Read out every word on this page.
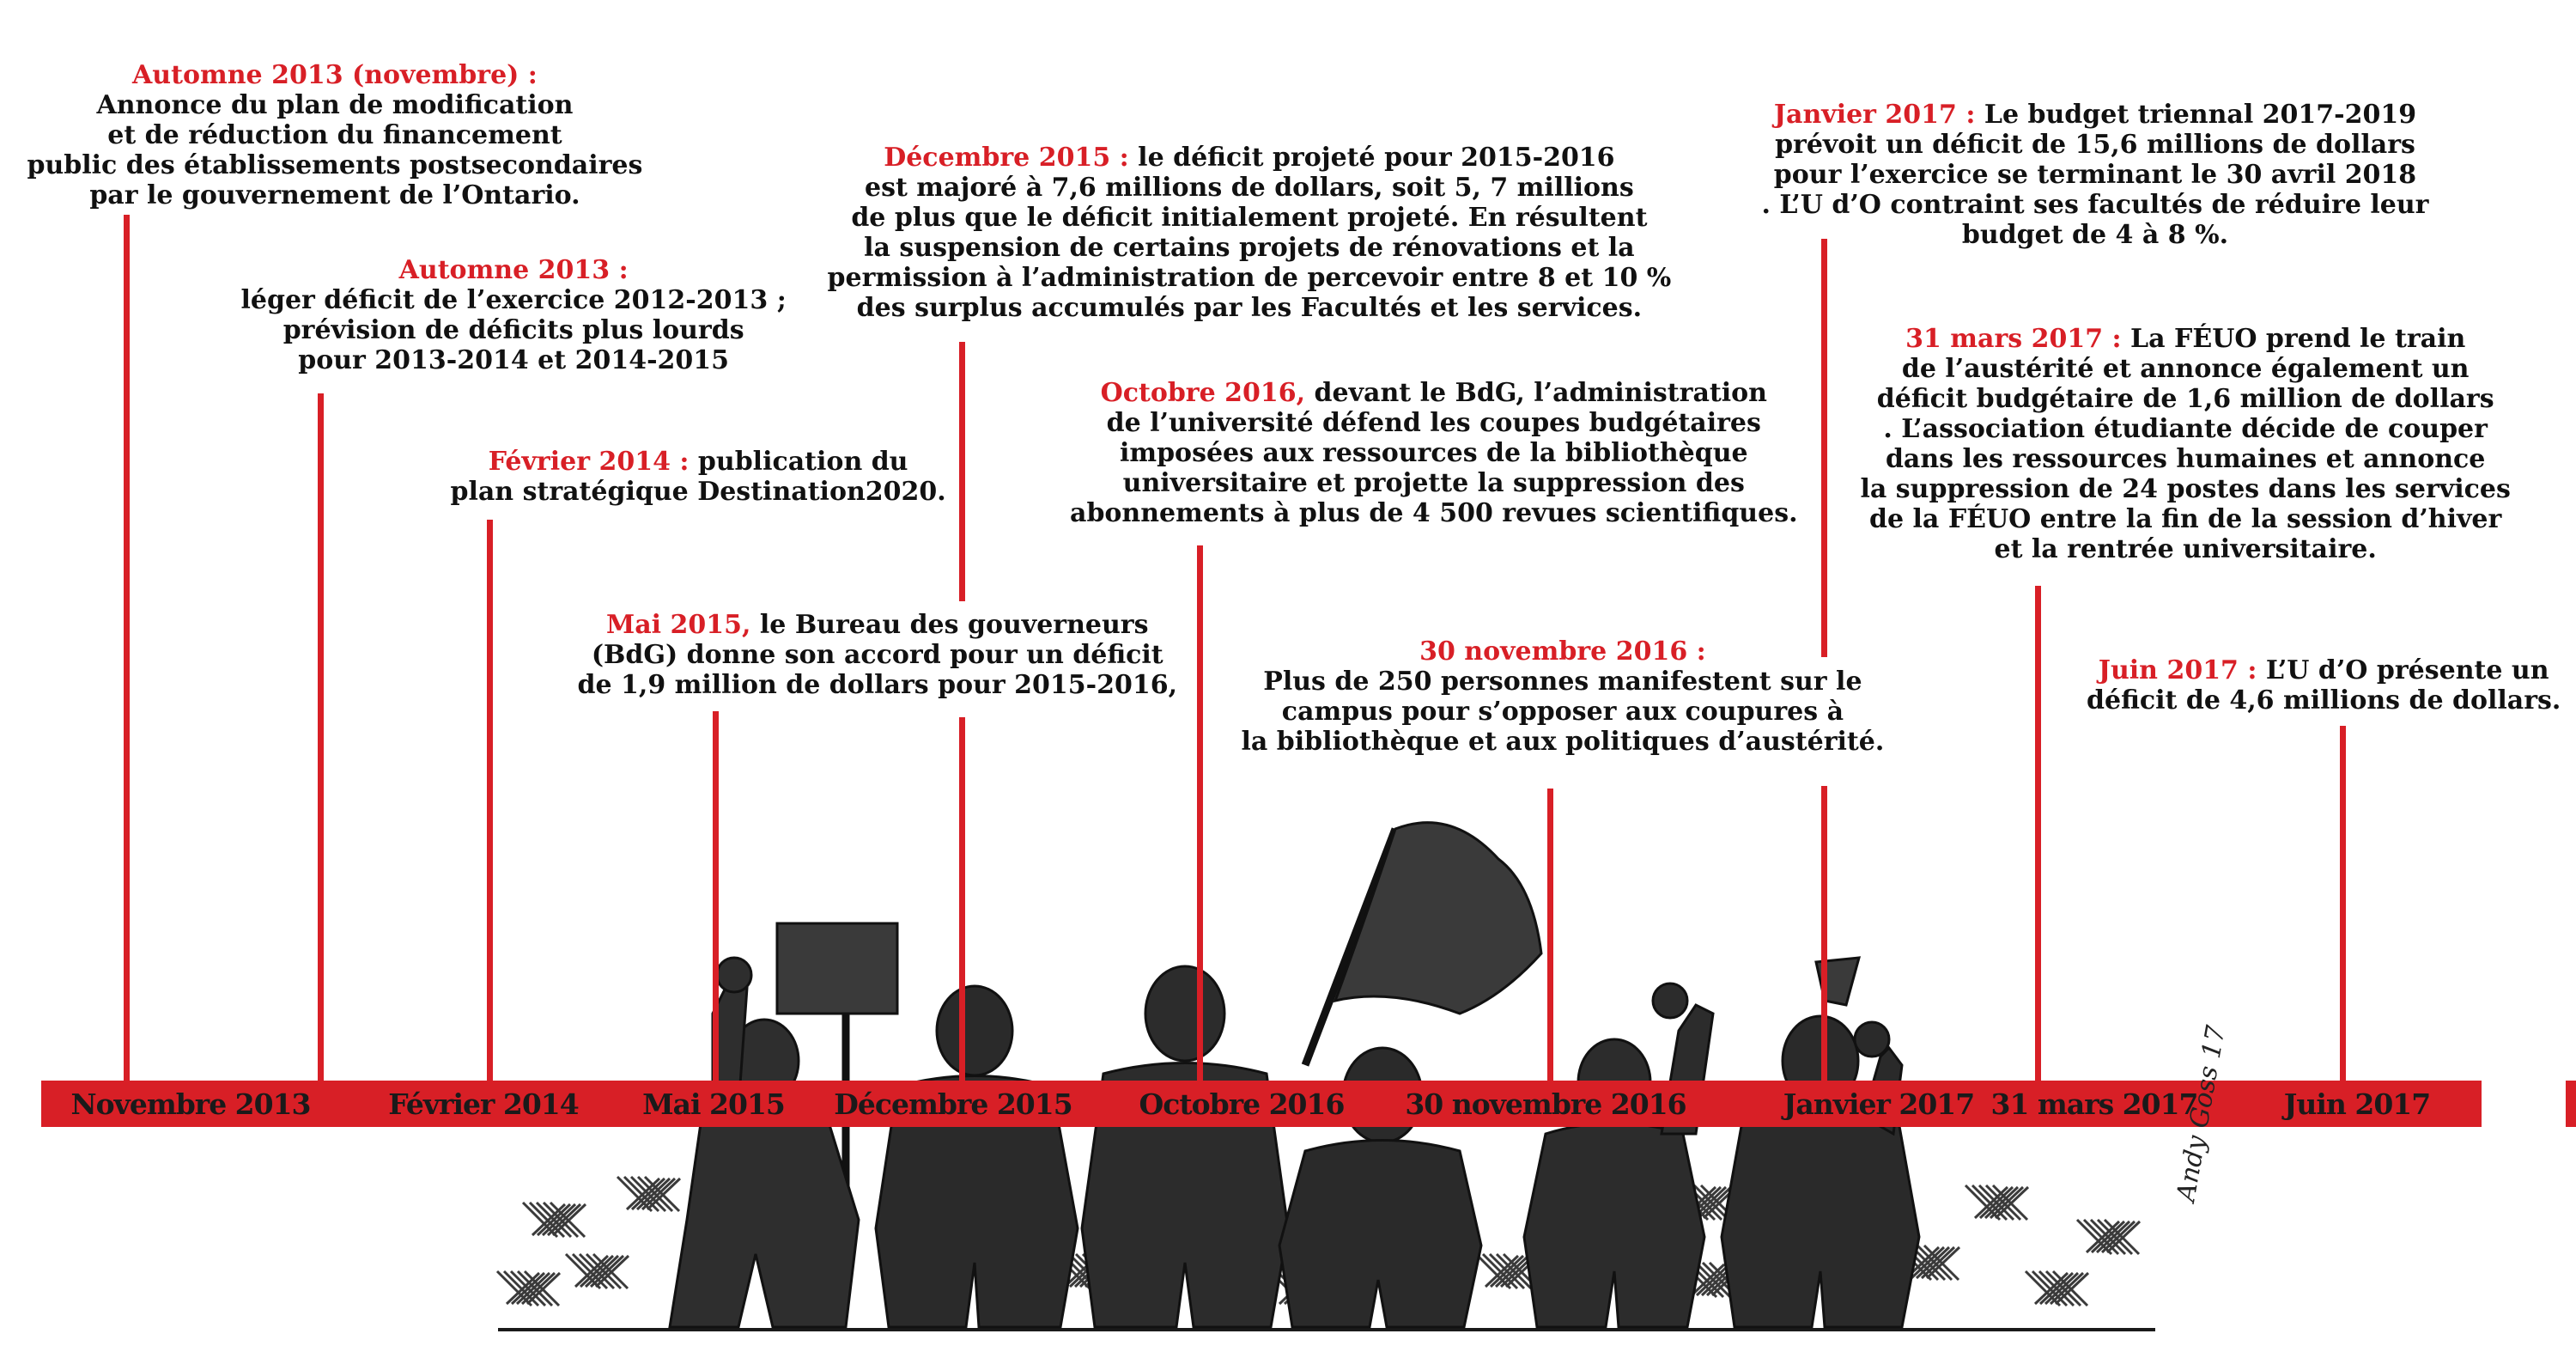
Novembre 2013	Février 2014 Mai 2015 Décembre 2015 Octobre 2016 30 novembre 2016	Janvier 2017 31 mars 2017	Juin 2017
Andy Goss 17
Automne 2013 (novembre) :
Annonce du plan de modification
et de réduction du financement
public des établissements postsecondaires
par le gouvernement de l’Ontario.
Automne 2013 :
léger déficit de l’exercice 2012-2013 ;
prévision de déficits plus lourds
pour 2013-2014 et 2014-2015
Février 2014 : publication du
plan stratégique Destination2020.
Mai 2015, le Bureau des gouverneurs
(BdG) donne son accord pour un déficit
de 1,9 million de dollars pour 2015-2016,
Décembre 2015 : le déficit projeté pour 2015-2016
est majoré à 7,6 millions de dollars, soit 5, 7 millions
de plus que le déficit initialement projeté. En résultent
la suspension de certains projets de rénovations et la
permission à l’administration de percevoir entre 8 et 10 %
des surplus accumulés par les Facultés et les services.
Octobre 2016, devant le BdG, l’administration
de l’université défend les coupes budgétaires
imposées aux ressources de la bibliothèque
universitaire et projette la suppression des
abonnements à plus de 4 500 revues scientifiques.
30 novembre 2016 :
Plus de 250 personnes manifestent sur le
campus pour s’opposer aux coupures à
la bibliothèque et aux politiques d’austérité.
Janvier 2017 : Le budget triennal 2017-2019
prévoit un déficit de 15,6 millions de dollars
pour l’exercice se terminant le 30 avril 2018
. L’U d’O contraint ses facultés de réduire leur
budget de 4 à 8 %.
31 mars 2017 : La FÉUO prend le train
de l’austérité et annonce également un
déficit budgétaire de 1,6 million de dollars
. L’association étudiante décide de couper
dans les ressources humaines et annonce
la suppression de 24 postes dans les services
de la FÉUO entre la fin de la session d’hiver
et la rentrée universitaire.
Juin 2017 : L’U d’O présente un
déficit de 4,6 millions de dollars.
